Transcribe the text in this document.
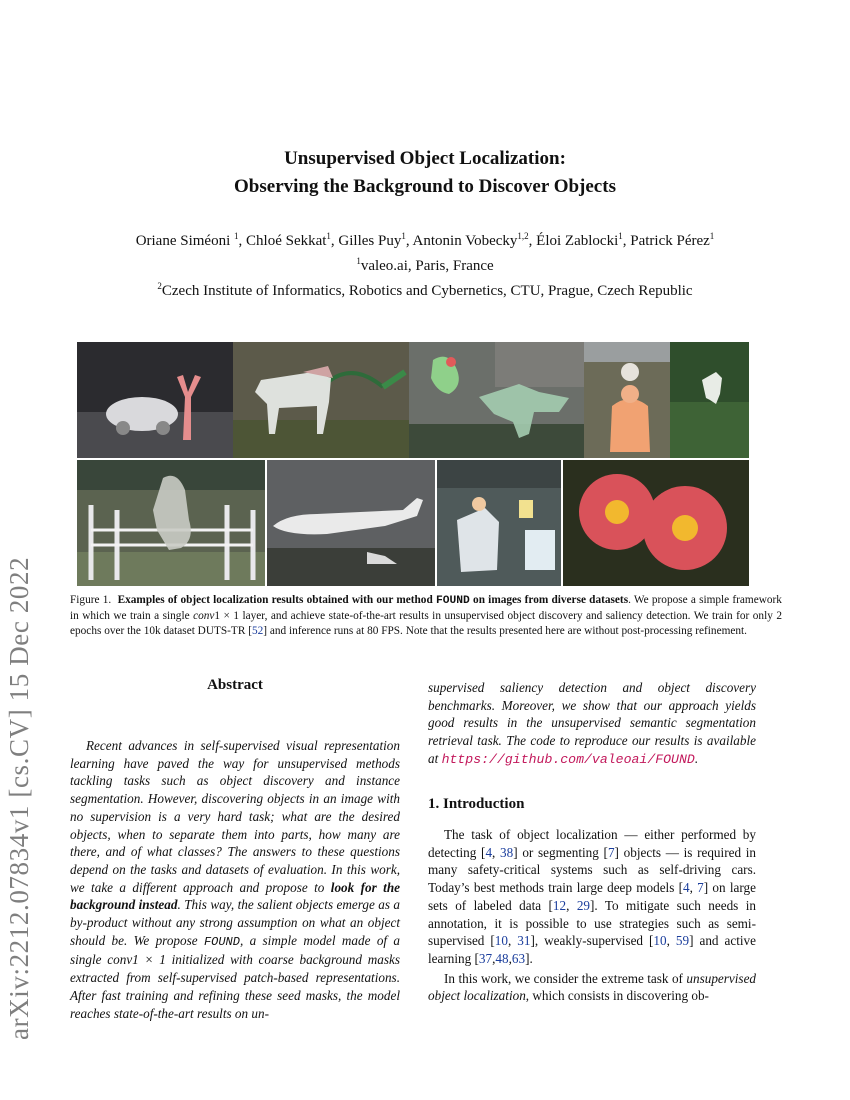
arXiv:2212.07834v1 [cs.CV] 15 Dec 2022
Unsupervised Object Localization:
Observing the Background to Discover Objects
Oriane Siméoni $^1$, Chloé Sekkat$^1$, Gilles Puy$^1$, Antonin Vobecky$^{1,2}$, Éloi Zablocki$^1$, Patrick Pérez$^1$
$^1$valeo.ai, Paris, France
$^2$Czech Institute of Informatics, Robotics and Cybernetics, CTU, Prague, Czech Republic
Figure 1. Examples of object localization results obtained with our method FOUND on images from diverse datasets. We propose a simple framework in which we train a single conv1 × 1 layer, and achieve state-of-the-art results in unsupervised object discovery and saliency detection. We train for only 2 epochs over the 10k dataset DUTS-TR [52] and inference runs at 80 FPS. Note that the results presented here are without post-processing refinement.
Abstract

Recent advances in self-supervised visual representation learning have paved the way for unsupervised methods tackling tasks such as object discovery and instance segmentation. However, discovering objects in an image with no supervision is a very hard task; what are the desired objects, when to separate them into parts, how many are there, and of what classes? The answers to these questions depend on the tasks and datasets of evaluation. In this work, we take a different approach and propose to look for the background instead. This way, the salient objects emerge as a by-product without any strong assumption on what an object should be. We propose FOUND, a simple model made of a single conv1 × 1 initialized with coarse background masks extracted from self-supervised patch-based representations. After fast training and refining these seed masks, the model reaches state-of-the-art results on un-

supervised saliency detection and object discovery benchmarks. Moreover, we show that our approach yields good results in the unsupervised semantic segmentation retrieval task. The code to reproduce our results is available at https://github.com/valeoai/FOUND.

1. Introduction

The task of object localization — either performed by detecting [4, 38] or segmenting [7] objects — is required in many safety-critical systems such as self-driving cars. Today’s best methods train large deep models [4, 7] on large sets of labeled data [12, 29]. To mitigate such needs in annotation, it is possible to use strategies such as semi-supervised [10, 31], weakly-supervised [10, 59] and active learning [37,48,63].

In this work, we consider the extreme task of unsupervised object localization, which consists in discovering ob-
